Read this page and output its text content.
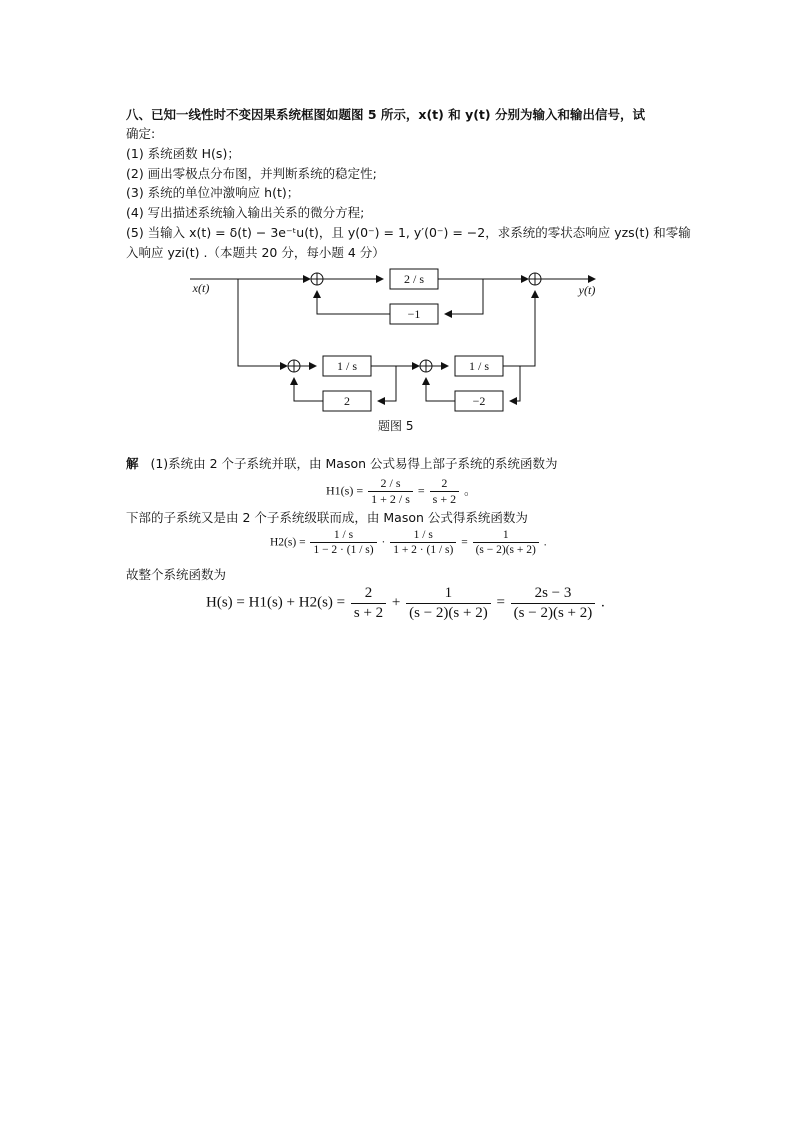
八、已知一线性时不变因果系统框图如题图 5 所示，x(t) 和 y(t) 分别为输入和输出信号，试
确定:
(1) 系统函数 H(s)；
(2) 画出零极点分布图，并判断系统的稳定性;
(3) 系统的单位冲激响应 h(t)；
(4) 写出描述系统输入输出关系的微分方程;
(5) 当输入 x(t) = δ(t) − 3e⁻ᵗu(t)，且 y(0⁻) = 1, y′(0⁻) = −2，求系统的零状态响应 yzs(t) 和零输
入响应 yzi(t) .（本题共 20 分，每小题 4 分）
x(t)	y(t)
2 / s
−1
1 / s
2
1 / s
−2
题图 5
解 (1)系统由 2 个子系统并联，由 Mason 公式易得上部子系统的系统函数为
$H1(s) = \frac{2 / s}{1 + 2 / s} = \frac{2}{s + 2}$ 。
下部的子系统又是由 2 个子系统级联而成，由 Mason 公式得系统函数为
$H2(s) = \frac{1 / s}{1 - 2 \cdot (1 / s)} \cdot \frac{1 / s}{1 + 2 \cdot (1 / s)} = \frac{1}{(s - 2)(s + 2)}$ .
故整个系统函数为
$H(s) = H1(s) + H2(s) = \frac{2}{s + 2} + \frac{1}{(s - 2)(s + 2)} = \frac{2s - 3}{(s - 2)(s + 2)}$ .
